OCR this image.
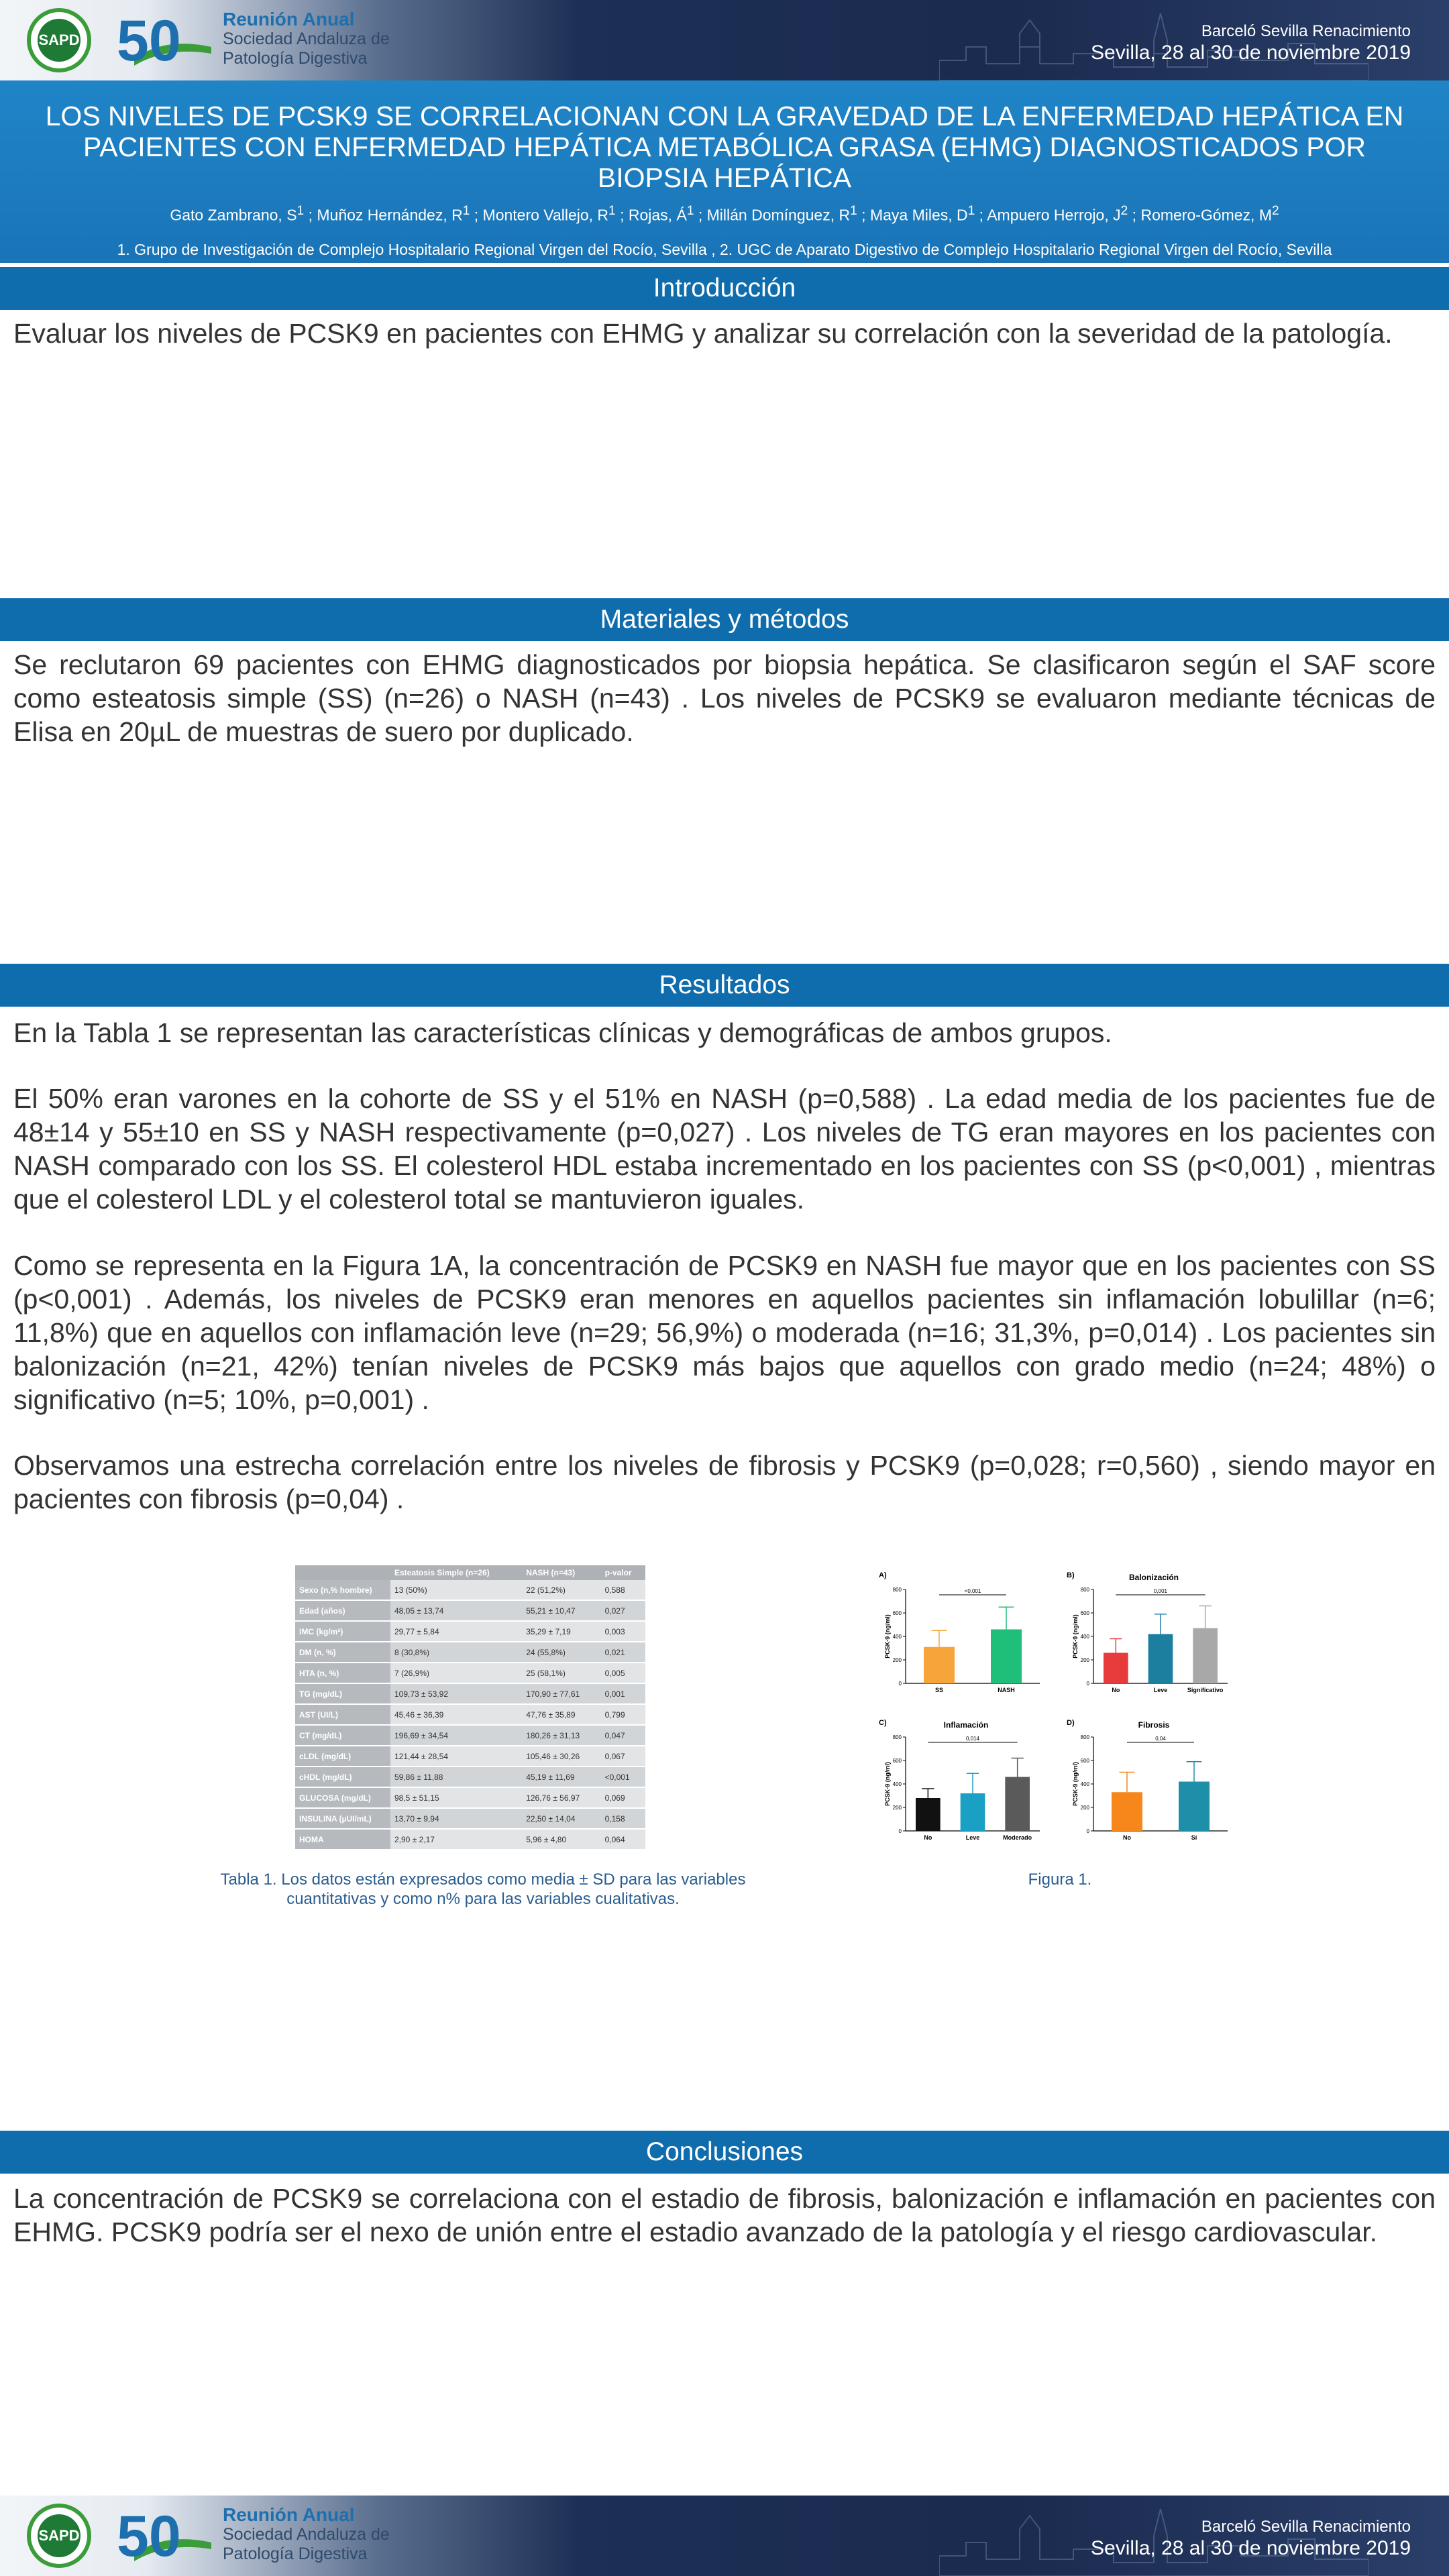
SAPD 50 Reunión Anual
Sociedad Andaluza de
Patología Digestiva
Barceló Sevilla Renacimiento
Sevilla, 28 al 30 de noviembre 2019
LOS NIVELES DE PCSK9 SE CORRELACIONAN CON LA GRAVEDAD DE LA ENFERMEDAD HEPÁTICA EN PACIENTES CON ENFERMEDAD HEPÁTICA METABÓLICA GRASA (EHMG) DIAGNOSTICADOS POR BIOPSIA HEPÁTICA
Gato Zambrano, $S^1$ ; Muñoz Hernández, $R^1$ ; Montero Vallejo, $R^1$ ; Rojas, $Á^1$ ; Millán Domínguez, $R^1$ ; Maya Miles, $D^1$ ; Ampuero Herrojo, $J^2$ ; Romero-Gómez, $M^2$
1. Grupo de Investigación de Complejo Hospitalario Regional Virgen del Rocío, Sevilla , 2. UGC de Aparato Digestivo de Complejo Hospitalario Regional Virgen del Rocío, Sevilla
Introducción

Evaluar los niveles de PCSK9 en pacientes con EHMG y analizar su correlación con la severidad de la patología.

Materiales y métodos

Se reclutaron 69 pacientes con EHMG diagnosticados por biopsia hepática. Se clasificaron según el SAF score como esteatosis simple (SS) (n=26) o NASH (n=43) . Los niveles de PCSK9 se evaluaron mediante técnicas de Elisa en 20µL de muestras de suero por duplicado.

Resultados

En la Tabla 1 se representan las características clínicas y demográficas de ambos grupos.

El 50% eran varones en la cohorte de SS y el 51% en NASH (p=0,588) . La edad media de los pacientes fue de 48±14 y 55±10 en SS y NASH respectivamente (p=0,027) . Los niveles de TG eran mayores en los pacientes con NASH comparado con los SS. El colesterol HDL estaba incrementado en los pacientes con SS (p<0,001) , mientras que el colesterol LDL y el colesterol total se mantuvieron iguales.

Como se representa en la Figura 1A, la concentración de PCSK9 en NASH fue mayor que en los pacientes con SS (p<0,001) . Además, los niveles de PCSK9 eran menores en aquellos pacientes sin inflamación lobulillar (n=6; 11,8%) que en aquellos con inflamación leve (n=29; 56,9%) o moderada (n=16; 31,3%, p=0,014) . Los pacientes sin balonización (n=21, 42%) tenían niveles de PCSK9 más bajos que aquellos con grado medio (n=24; 48%) o significativo (n=5; 10%, p=0,001) .

Observamos una estrecha correlación entre los niveles de fibrosis y PCSK9 (p=0,028; r=0,560) , siendo mayor en pacientes con fibrosis (p=0,04) .

	Esteatosis Simple (n=26)	NASH (n=43)	p-valor
Sexo (n,% hombre)	13 (50%)	22 (51,2%)	0,588
Edad (años)	48,05 ± 13,74	55,21 ± 10,47	0,027
IMC (kg/m²)	29,77 ± 5,84	35,29 ± 7,19	0,003
DM (n, %)	8 (30,8%)	24 (55,8%)	0,021
HTA (n, %)	7 (26,9%)	25 (58,1%)	0,005
TG (mg/dL)	109,73 ± 53,92	170,90 ± 77,61	0,001
AST (UI/L)	45,46 ± 36,39	47,76 ± 35,89	0,799
CT (mg/dL)	196,69 ± 34,54	180,26 ± 31,13	0,047
cLDL (mg/dL)	121,44 ± 28,54	105,46 ± 30,26	0,067
cHDL (mg/dL)	59,86 ± 11,88	45,19 ± 11,69	<0,001
GLUCOSA (mg/dL)	98,5 ± 51,15	126,76 ± 56,97	0,069
INSULINA (µUI/mL)	13,70 ± 9,94	22,50 ± 14,04	0,158
HOMA	2,90 ± 2,17	5,96 ± 4,80	0,064
Tabla 1. Los datos están expresados como media ± SD para las variables cuantitativas y como n% para las variables cualitativas.
A)
PCSK-9 (ng/ml)
0
200
400
600
800
SS	NASH
<0,001
B)	Balonización
PCSK-9 (ng/ml)
0
200
400
600
800
No	Leve	Significativo
0,001
C)	Inflamación
PCSK-9 (ng/ml)
0
200
400
600
800
No	Leve	Moderado
0,014
D)	Fibrosis
PCSK-9 (ng/ml)
0
200
400
600
800
No	Sí
0,04
Figura 1.
Conclusiones

La concentración de PCSK9 se correlaciona con el estadio de fibrosis, balonización e inflamación en pacientes con EHMG. PCSK9 podría ser el nexo de unión entre el estadio avanzado de la patología y el riesgo cardiovascular.

SAPD 50 Reunión Anual
Sociedad Andaluza de
Patología Digestiva
Barceló Sevilla Renacimiento
Sevilla, 28 al 30 de noviembre 2019
